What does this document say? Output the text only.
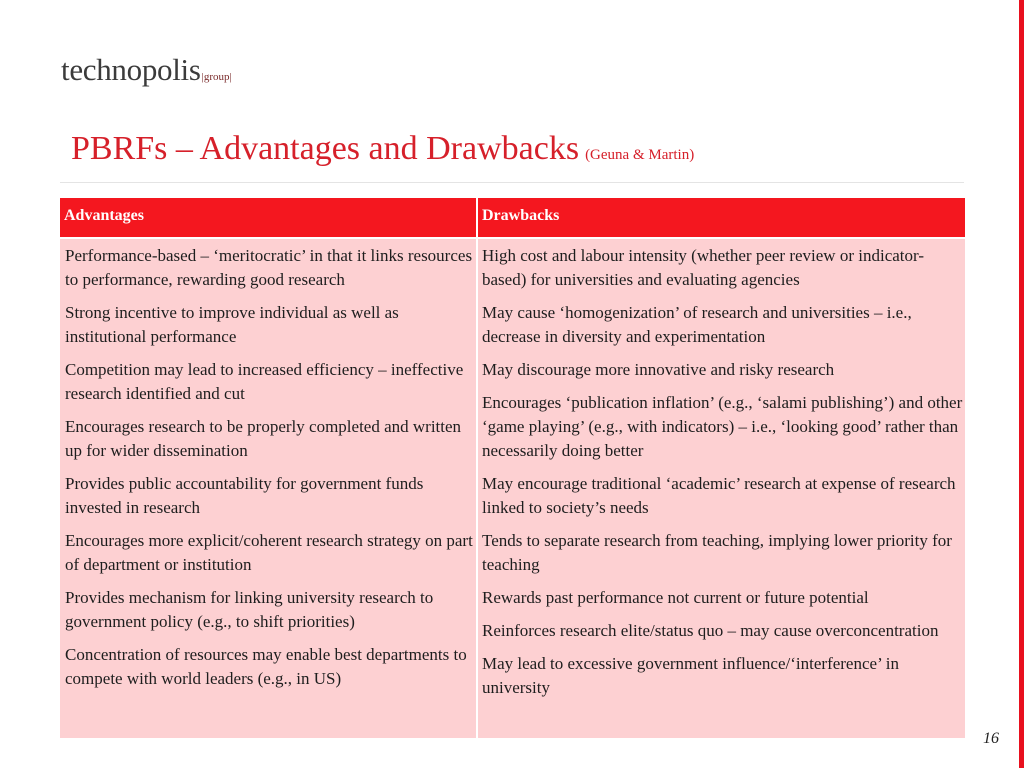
technopolis|group|
PBRFs – Advantages and Drawbacks (Geuna & Martin)
Advantages	Drawbacks
Performance-based – ‘meritocratic’ in that it links resources to performance, rewarding good research
Strong incentive to improve individual as well as institutional performance
Competition may lead to increased efficiency – ineffective research identified and cut
Encourages research to be properly completed and written up for wider dissemination
Provides public accountability for government funds invested in research
Encourages more explicit/coherent research strategy on part of department or institution
Provides mechanism for linking university research to government policy (e.g., to shift priorities)
Concentration of resources may enable best departments to compete with world leaders (e.g., in US)
High cost and labour intensity (whether peer review or indicator-based) for universities and evaluating agencies
May cause ‘homogenization’ of research and universities – i.e., decrease in diversity and experimentation
May discourage more innovative and risky research
Encourages ‘publication inflation’ (e.g., ‘salami publishing’) and other ‘game playing’ (e.g., with indicators) – i.e., ‘looking good’ rather than necessarily doing better
May encourage traditional ‘academic’ research at expense of research linked to society’s needs
Tends to separate research from teaching, implying lower priority for teaching
Rewards past performance not current or future potential
Reinforces research elite/status quo – may cause overconcentration
May lead to excessive government influence/‘interference’ in university
16
